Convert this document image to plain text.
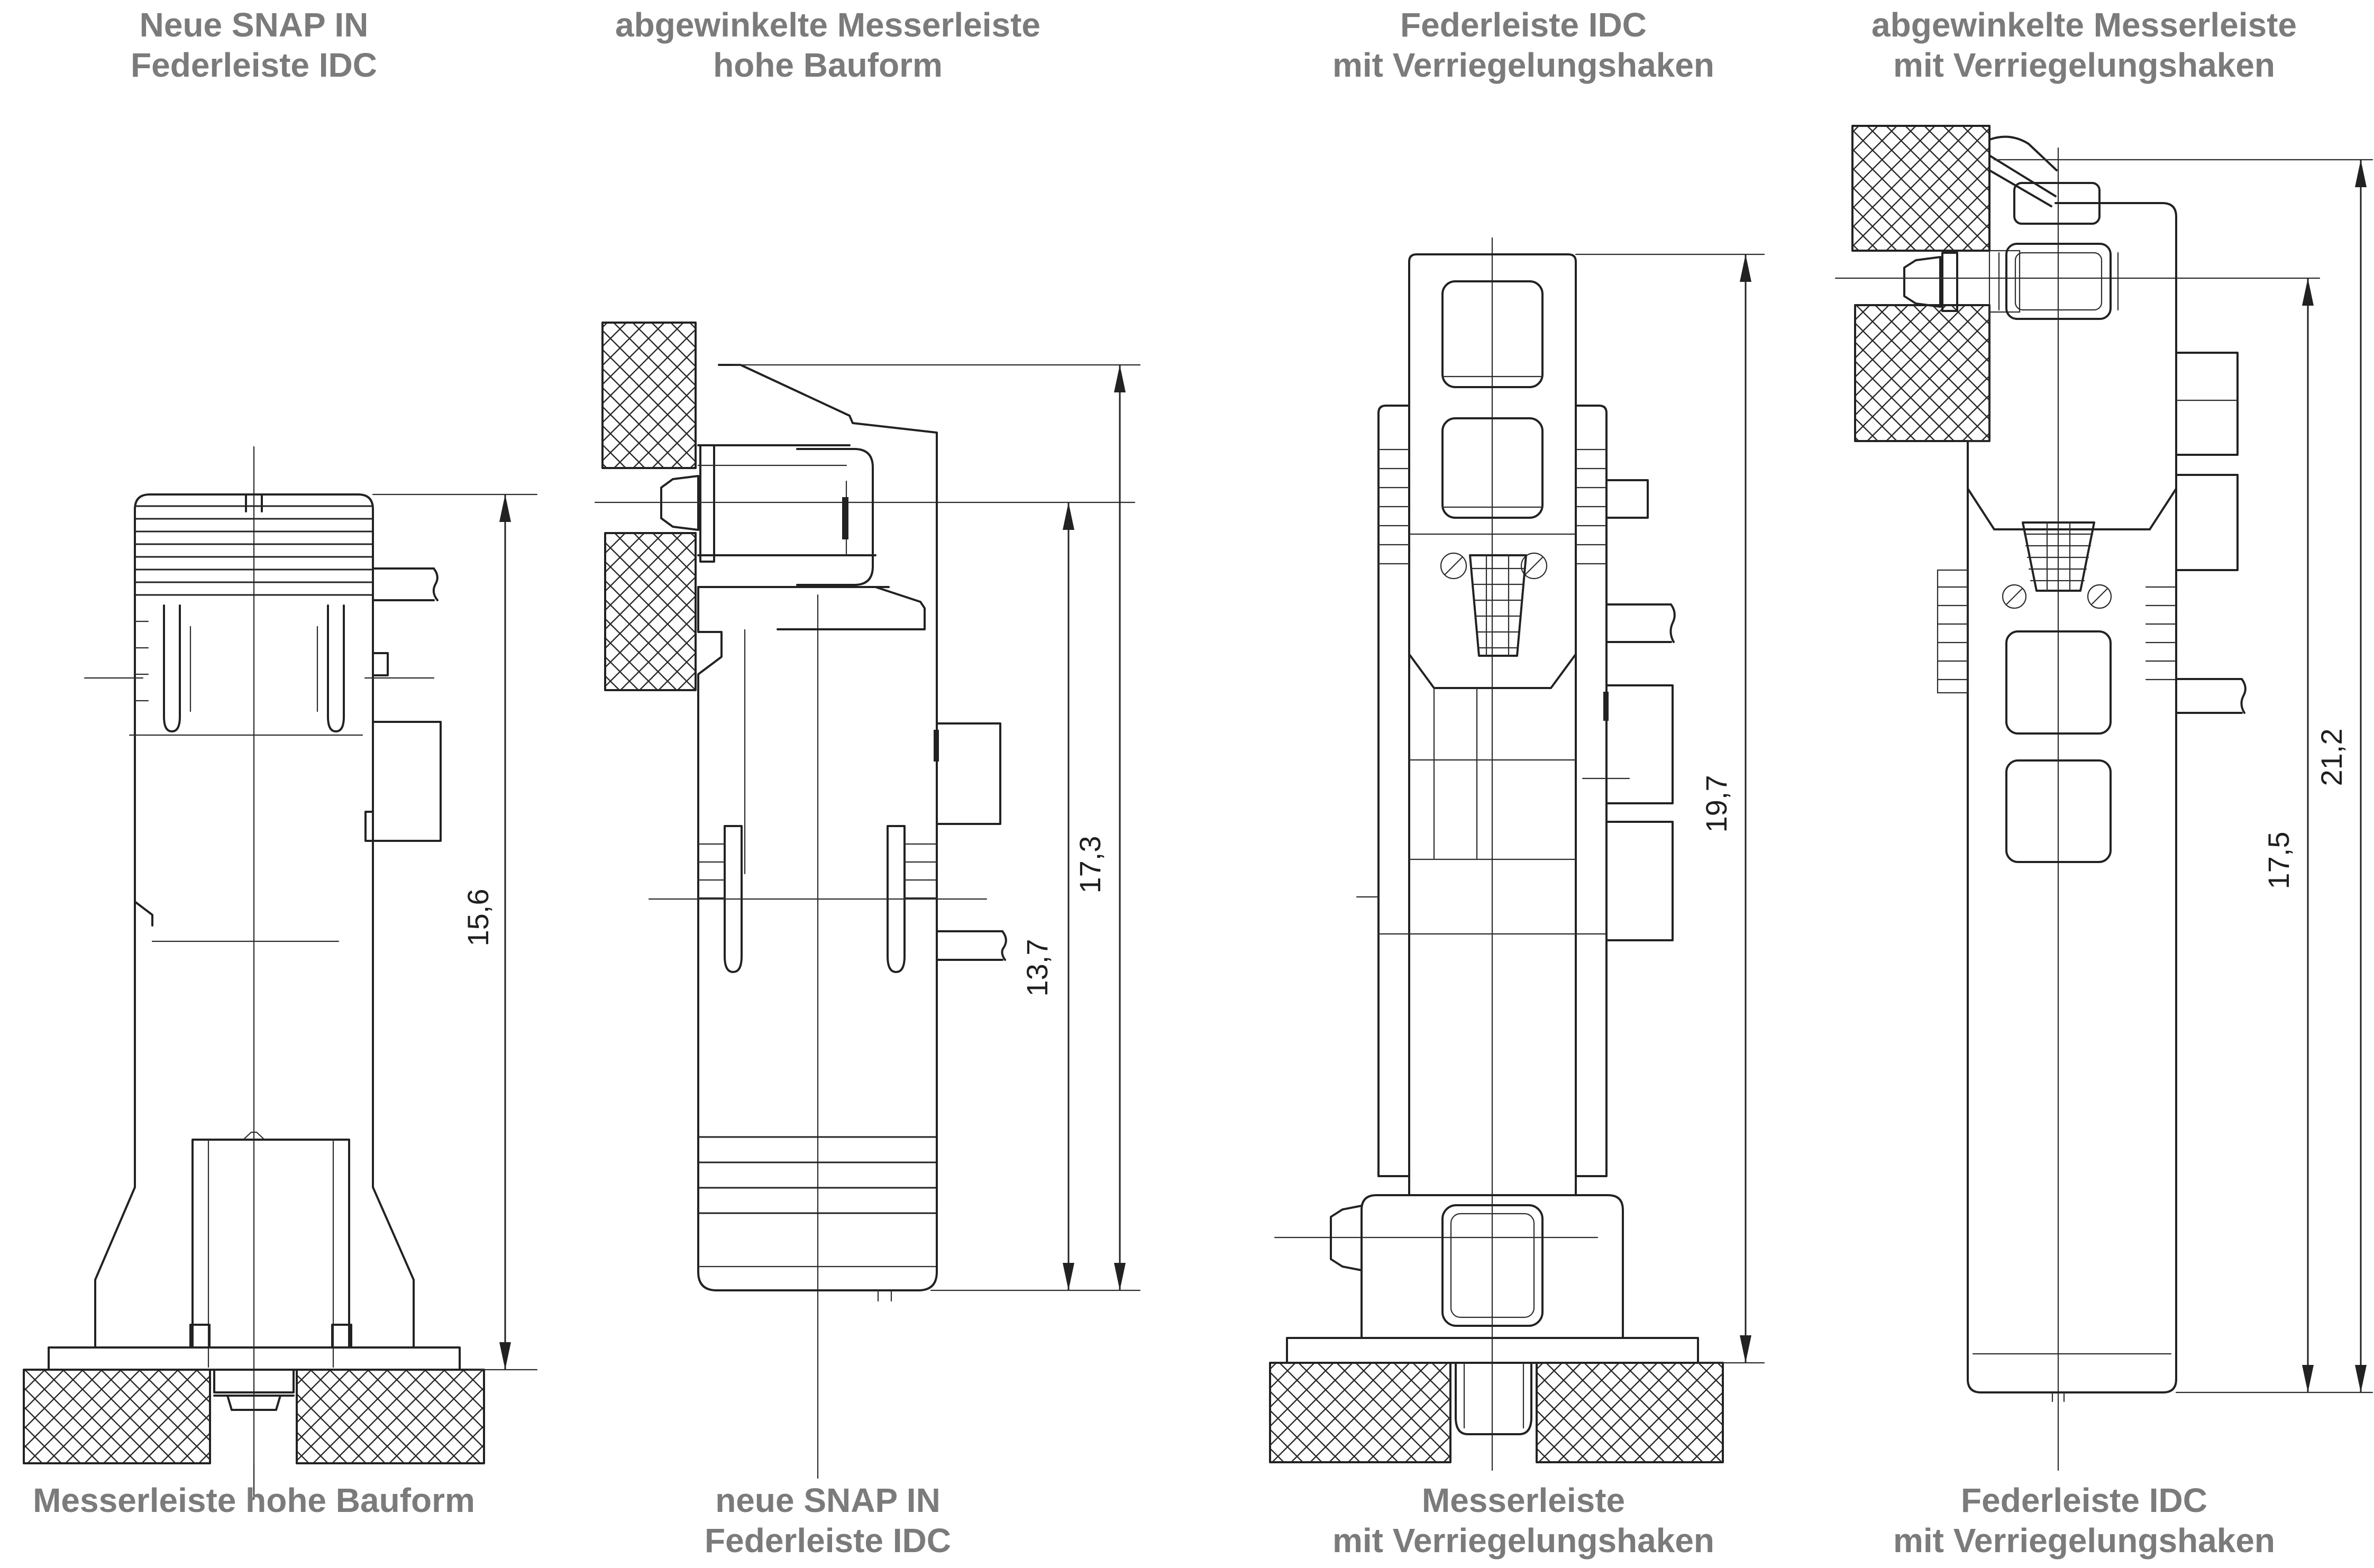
Neue SNAP IN
Federleiste IDC
abgewinkelte Messerleiste
hohe Bauform
Federleiste IDC
mit Verriegelungshaken
abgewinkelte Messerleiste
mit Verriegelungshaken
15,6
13,7
17,3
19,7
17,5
21,2
Messerleiste hohe Bauform	neue SNAP IN
Federleiste IDC
Messerleiste
mit Verriegelungshaken
Federleiste IDC
mit Verriegelungshaken
